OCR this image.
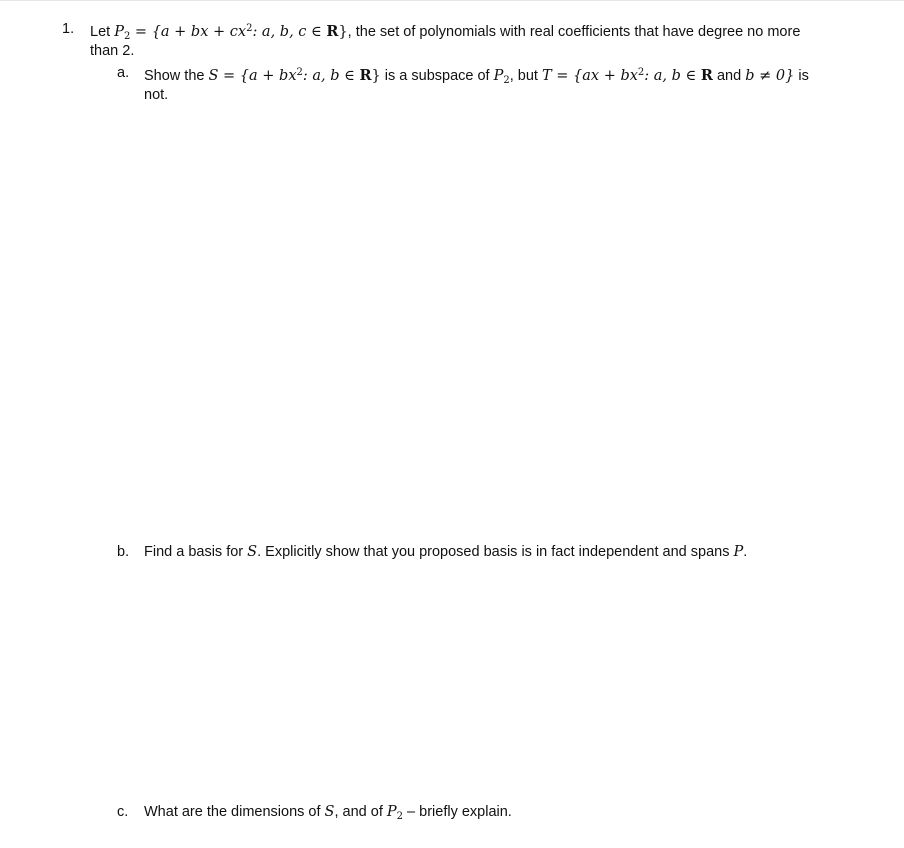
1. Let $P_2 = \{a$ + bx + $cx^2$: a, b, c ∈ R}, the set of polynomials with real coefficients that have degree no more
than 2.
a. Show the $S = \{a + bx^2$: a, b ∈ R} is a subspace of $P_2$, but $T = \{ax + bx^2$: a, b ∈ R and b ≠ 0} is
not.
b. Find a basis for S. Explicitly show that you proposed basis is in fact independent and spans P.
c. What are the dimensions of S, and of $P_2$ – briefly explain.
